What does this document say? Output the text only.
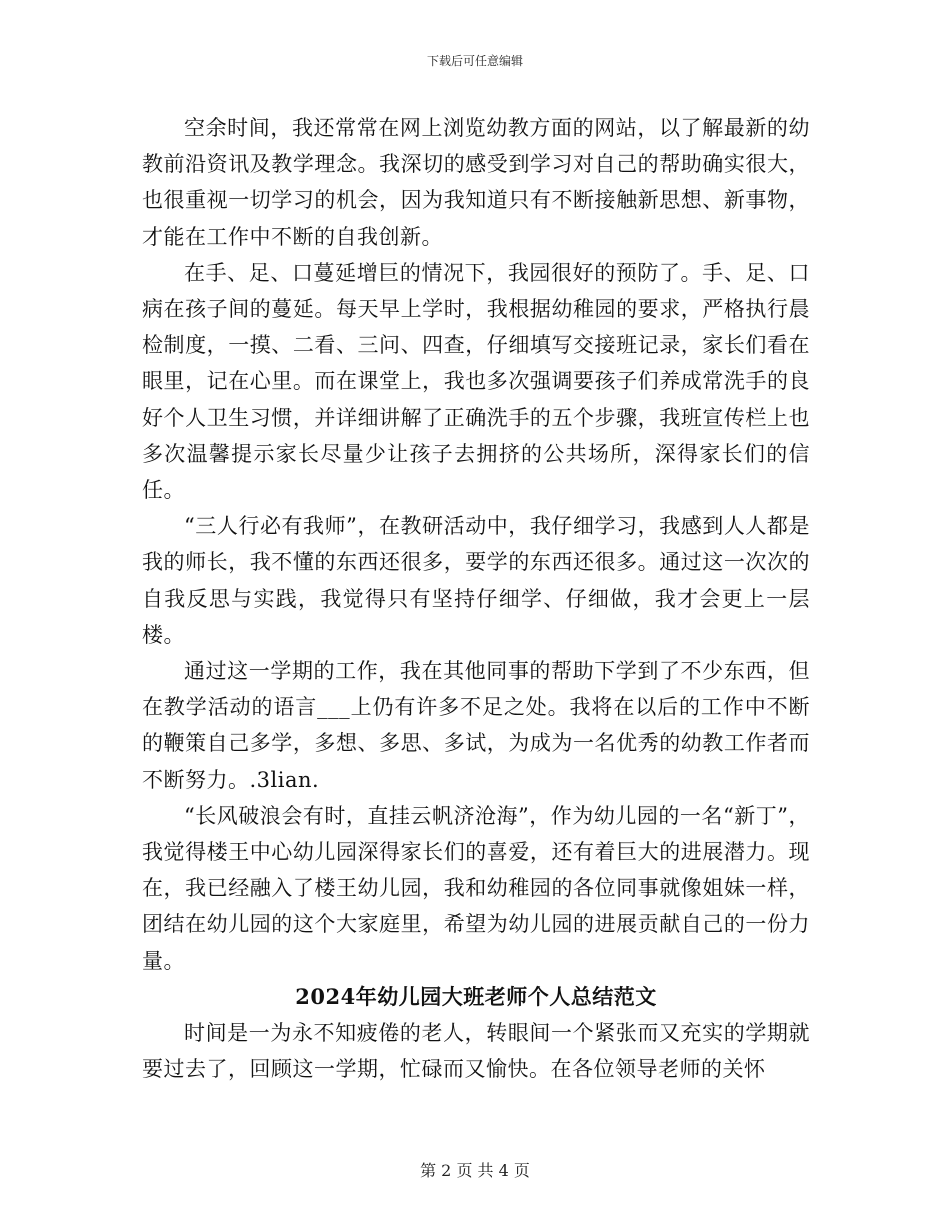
下载后可任意编辑

空余时间，我还常常在网上浏览幼教方面的网站，以了解最新的幼教前沿资讯及教学理念。我深切的感受到学习对自己的帮助确实很大，也很重视一切学习的机会，因为我知道只有不断接触新思想、新事物，才能在工作中不断的自我创新。

在手、足、口蔓延增巨的情况下，我园很好的预防了。手、足、口病在孩子间的蔓延。每天早上学时，我根据幼稚园的要求，严格执行晨检制度，一摸、二看、三问、四查，仔细填写交接班记录，家长们看在眼里，记在心里。而在课堂上，我也多次强调要孩子们养成常洗手的良好个人卫生习惯，并详细讲解了正确洗手的五个步骤，我班宣传栏上也多次温馨提示家长尽量少让孩子去拥挤的公共场所，深得家长们的信任。

“三人行必有我师”，在教研活动中，我仔细学习，我感到人人都是我的师长，我不懂的东西还很多，要学的东西还很多。通过这一次次的自我反思与实践，我觉得只有坚持仔细学、仔细做，我才会更上一层楼。

通过这一学期的工作，我在其他同事的帮助下学到了不少东西，但在教学活动的语言___上仍有许多不足之处。我将在以后的工作中不断的鞭策自己多学，多想、多思、多试，为成为一名优秀的幼教工作者而不断努力。.3lian.

“长风破浪会有时，直挂云帆济沧海”，作为幼儿园的一名“新丁”，我觉得楼王中心幼儿园深得家长们的喜爱，还有着巨大的进展潜力。现在，我已经融入了楼王幼儿园，我和幼稚园的各位同事就像姐妹一样，团结在幼儿园的这个大家庭里，希望为幼儿园的进展贡献自己的一份力量。

2024年幼儿园大班老师个人总结范文

时间是一为永不知疲倦的老人，转眼间一个紧张而又充实的学期就要过去了，回顾这一学期，忙碌而又愉快。在各位领导老师的关怀

第 2 页 共 4 页
